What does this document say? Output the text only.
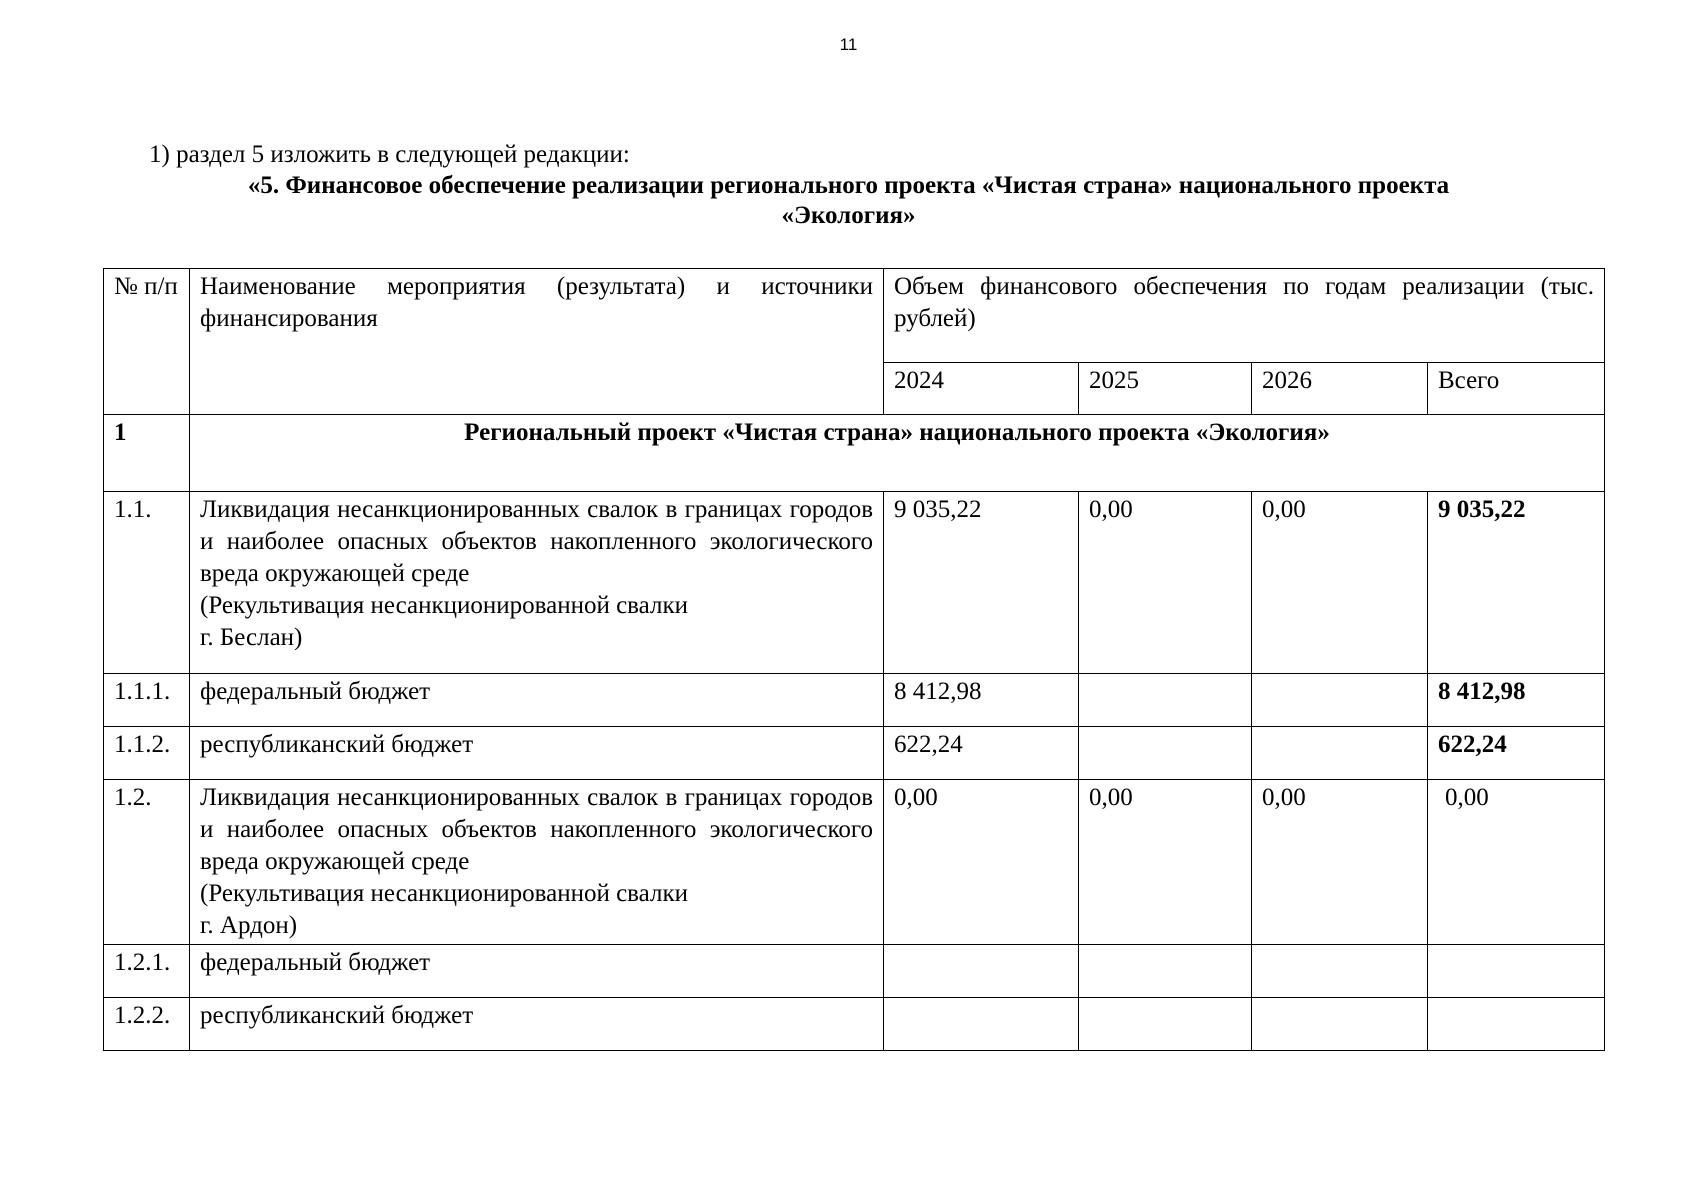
11
1) раздел 5 изложить в следующей редакции:
«5. Финансовое обеспечение реализации регионального проекта «Чистая страна» национального проекта
«Экология»
№ п/п	Наименование мероприятия (результата) и источники финансирования	Объем финансового обеспечения по годам реализации (тыс. рублей)			
		2024	2025	2026	Всего
1	Региональный проект «Чистая страна» национального проекта «Экология»				
1.1.	Ликвидация несанкционированных свалок в границах городов и наиболее опасных объектов накопленного экологического вреда окружающей среде
(Рекультивация несанкционированной свалки
г. Беслан)	9 035,22	0,00	0,00	9 035,22
1.1.1.	федеральный бюджет	8 412,98			8 412,98
1.1.2.	республиканский бюджет	622,24			622,24
1.2.	Ликвидация несанкционированных свалок в границах городов и наиболее опасных объектов накопленного экологического вреда окружающей среде
(Рекультивация несанкционированной свалки
г. Ардон)	0,00	0,00	0,00	0,00
1.2.1.	федеральный бюджет				
1.2.2.	республиканский бюджет				
